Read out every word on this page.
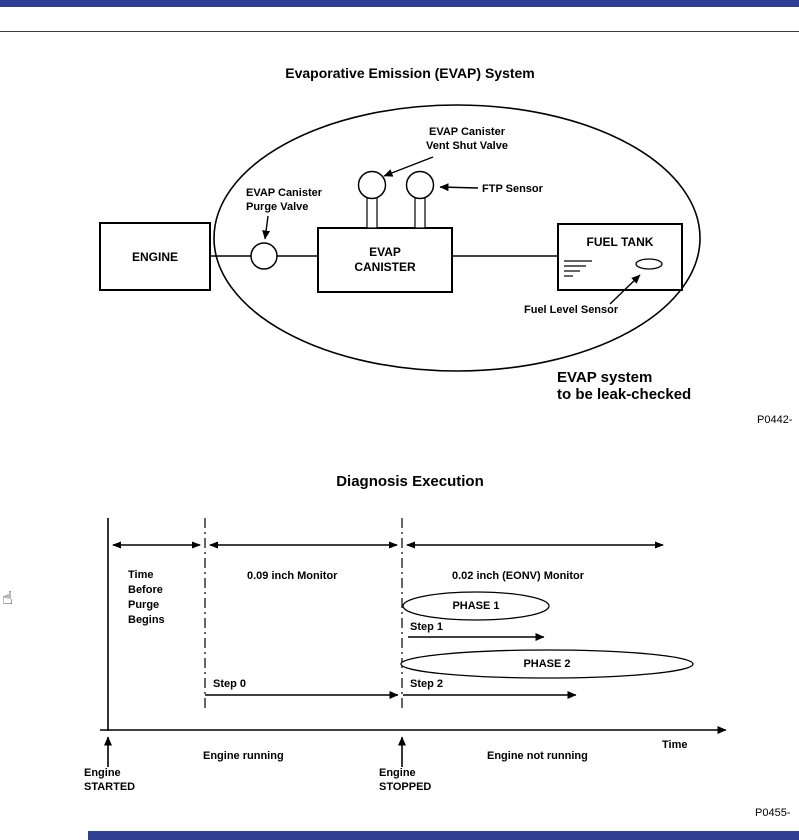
Evaporative Emission (EVAP) System
ENGINE	EVAP
CANISTER
FUEL TANK
EVAP Canister
Purge Valve
EVAP Canister
Vent Shut Valve
FTP Sensor
Fuel Level Sensor
EVAP system
to be leak-checked
P0442-
Diagnosis Execution
Time
Before
Purge
Begins
0.09 inch Monitor	0.02 inch (EONV) Monitor
PHASE 1
Step 1
PHASE 2
Step 0	Step 2
Time
Engine running	Engine not running
Engine
STARTED
Engine
STOPPED
P0455-
☝
